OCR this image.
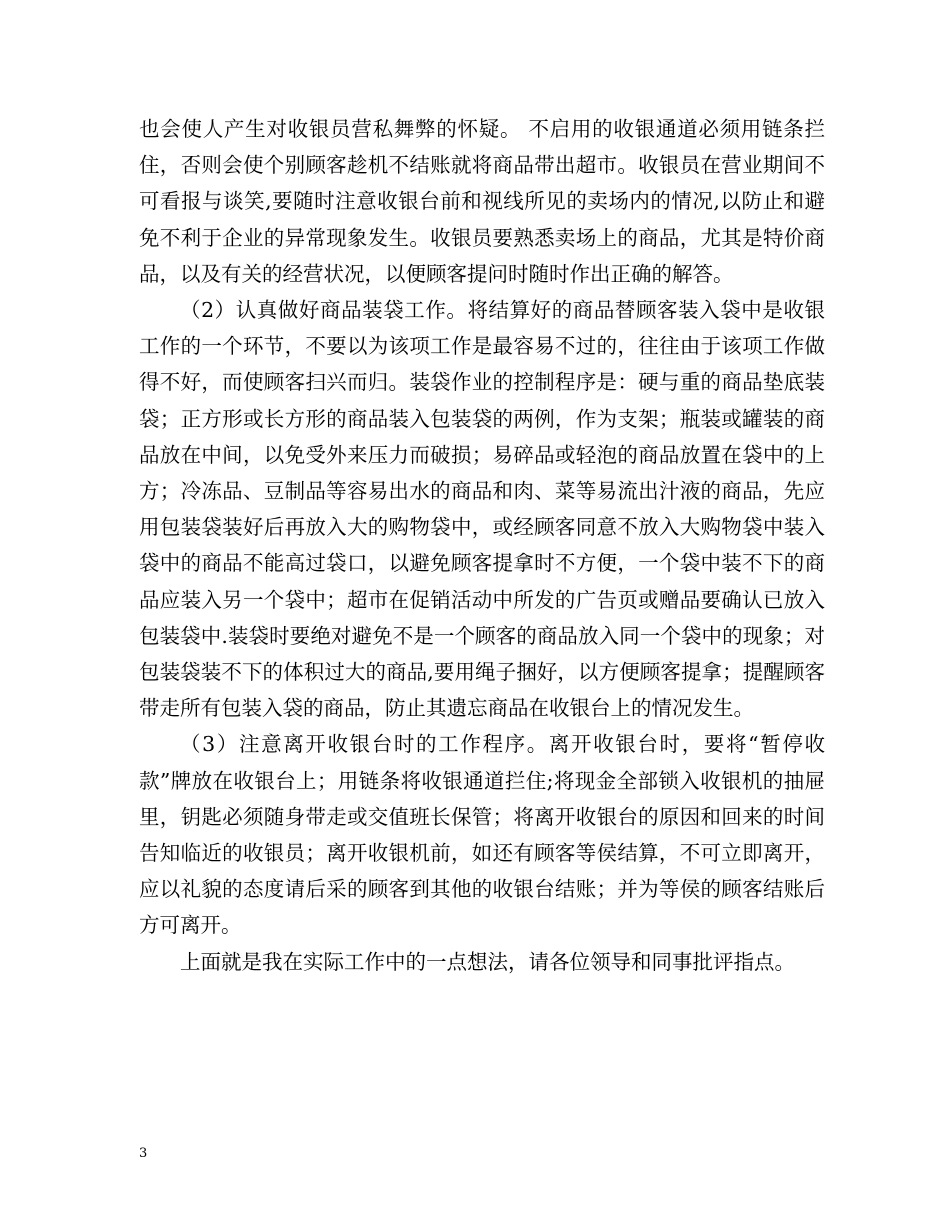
也会使人产生对收银员营私舞弊的怀疑。 不启用的收银通道必须用链条拦住，否则会使个别顾客趁机不结账就将商品带出超市。收银员在营业期间不可看报与谈笑,要随时注意收银台前和视线所见的卖场内的情况,以防止和避免不利于企业的异常现象发生。收银员要熟悉卖场上的商品，尤其是特价商品，以及有关的经营状况，以便顾客提问时随时作出正确的解答。

（2）认真做好商品装袋工作。将结算好的商品替顾客装入袋中是收银工作的一个环节，不要以为该项工作是最容易不过的，往往由于该项工作做得不好，而使顾客扫兴而归。装袋作业的控制程序是：硬与重的商品垫底装袋；正方形或长方形的商品装入包装袋的两例，作为支架；瓶装或罐装的商品放在中间，以免受外来压力而破损；易碎品或轻泡的商品放置在袋中的上方；冷冻品、豆制品等容易出水的商品和肉、菜等易流出汁液的商品，先应用包装袋装好后再放入大的购物袋中，或经顾客同意不放入大购物袋中装入袋中的商品不能高过袋口，以避免顾客提拿时不方便，一个袋中装不下的商品应装入另一个袋中；超市在促销活动中所发的广告页或赠品要确认已放入包装袋中.装袋时要绝对避免不是一个顾客的商品放入同一个袋中的现象；对包装袋装不下的体积过大的商品,要用绳子捆好，以方便顾客提拿；提醒顾客带走所有包装入袋的商品，防止其遗忘商品在收银台上的情况发生。

（3）注意离开收银台时的工作程序。离开收银台时，要将“暂停收款”牌放在收银台上；用链条将收银通道拦住;将现金全部锁入收银机的抽屉里，钥匙必须随身带走或交值班长保管；将离开收银台的原因和回来的时间告知临近的收银员；离开收银机前，如还有顾客等侯结算，不可立即离开，应以礼貌的态度请后采的顾客到其他的收银台结账；并为等侯的顾客结账后方可离开。

上面就是我在实际工作中的一点想法，请各位领导和同事批评指点。

3
